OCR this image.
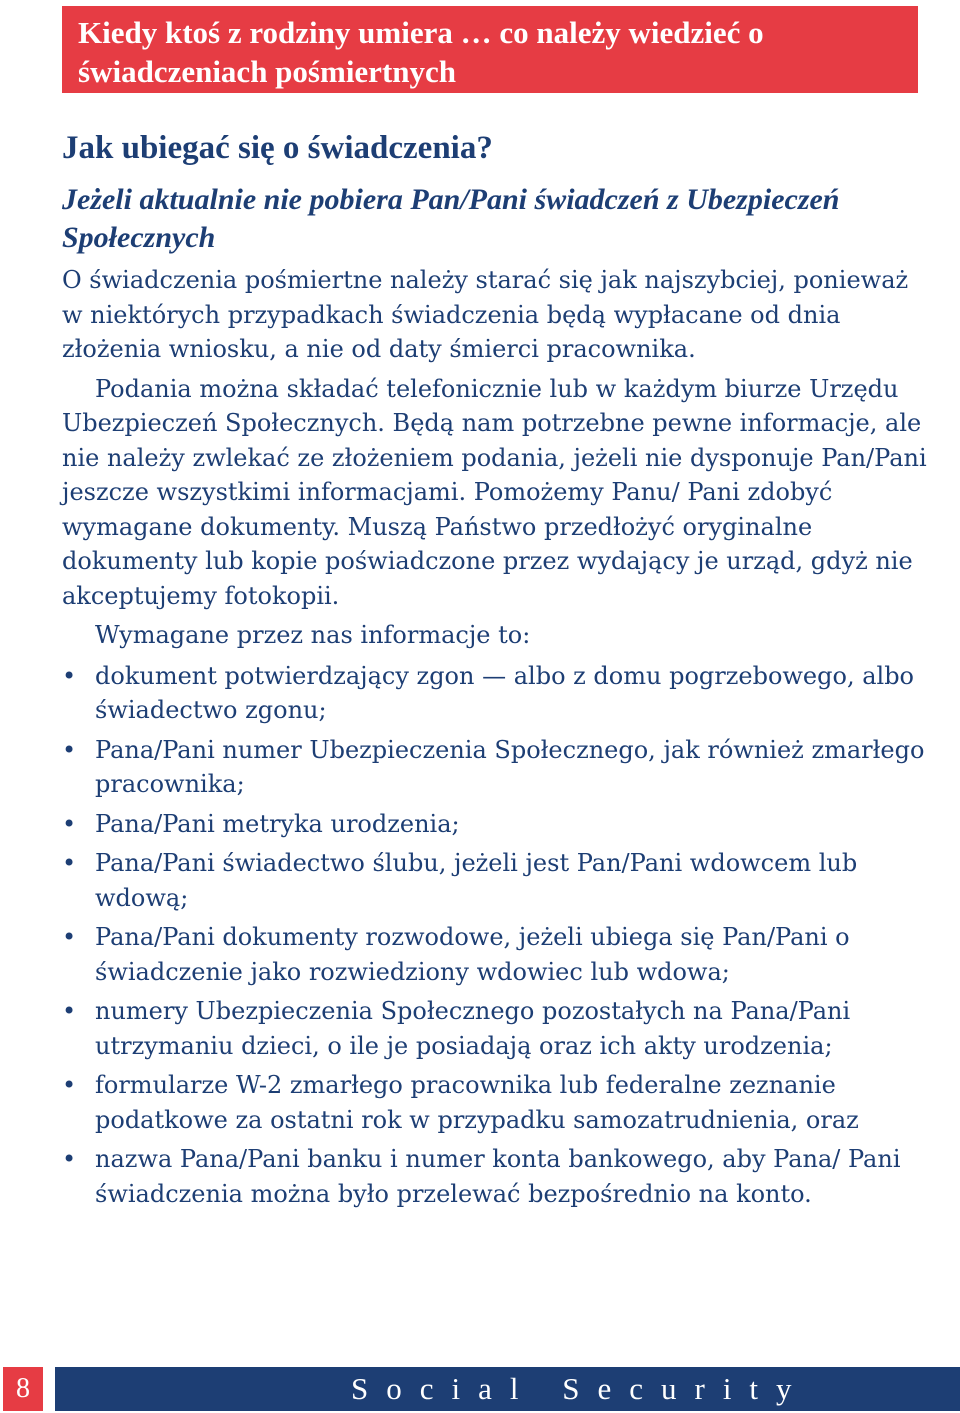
Kiedy ktoś z rodziny umiera … co należy wiedzieć o świadczeniach pośmiertnych
Jak ubiegać się o świadczenia?
Jeżeli aktualnie nie pobiera Pan/Pani świadczeń z Ubezpieczeń Społecznych

O świadczenia pośmiertne należy starać się jak najszybciej, ponieważ w niektórych przypadkach świadczenia będą wypłacane od dnia złożenia wniosku, a nie od daty śmierci pracownika.

Podania można składać telefonicznie lub w każdym biurze Urzędu Ubezpieczeń Społecznych. Będą nam potrzebne pewne informacje, ale nie należy zwlekać ze złożeniem podania, jeżeli nie dysponuje Pan/Pani jeszcze wszystkimi informacjami. Pomożemy Panu/ Pani zdobyć wymagane dokumenty. Muszą Państwo przedłożyć oryginalne dokumenty lub kopie poświadczone przez wydający je urząd, gdyż nie akceptujemy fotokopii.

Wymagane przez nas informacje to:

• dokument potwierdzający zgon — albo z domu pogrzebowego, albo świadectwo zgonu;
• Pana/Pani numer Ubezpieczenia Społecznego, jak również zmarłego pracownika;
• Pana/Pani metryka urodzenia;
• Pana/Pani świadectwo ślubu, jeżeli jest Pan/Pani wdowcem lub wdową;
• Pana/Pani dokumenty rozwodowe, jeżeli ubiega się Pan/Pani o świadczenie jako rozwiedziony wdowiec lub wdowa;
• numery Ubezpieczenia Społecznego pozostałych na Pana/Pani utrzymaniu dzieci, o ile je posiadają oraz ich akty urodzenia;
• formularze W-2 zmarłego pracownika lub federalne zeznanie podatkowe za ostatni rok w przypadku samozatrudnienia, oraz
• nazwa Pana/Pani banku i numer konta bankowego, aby Pana/ Pani świadczenia można było przelewać bezpośrednio na konto.
8	Social Security
